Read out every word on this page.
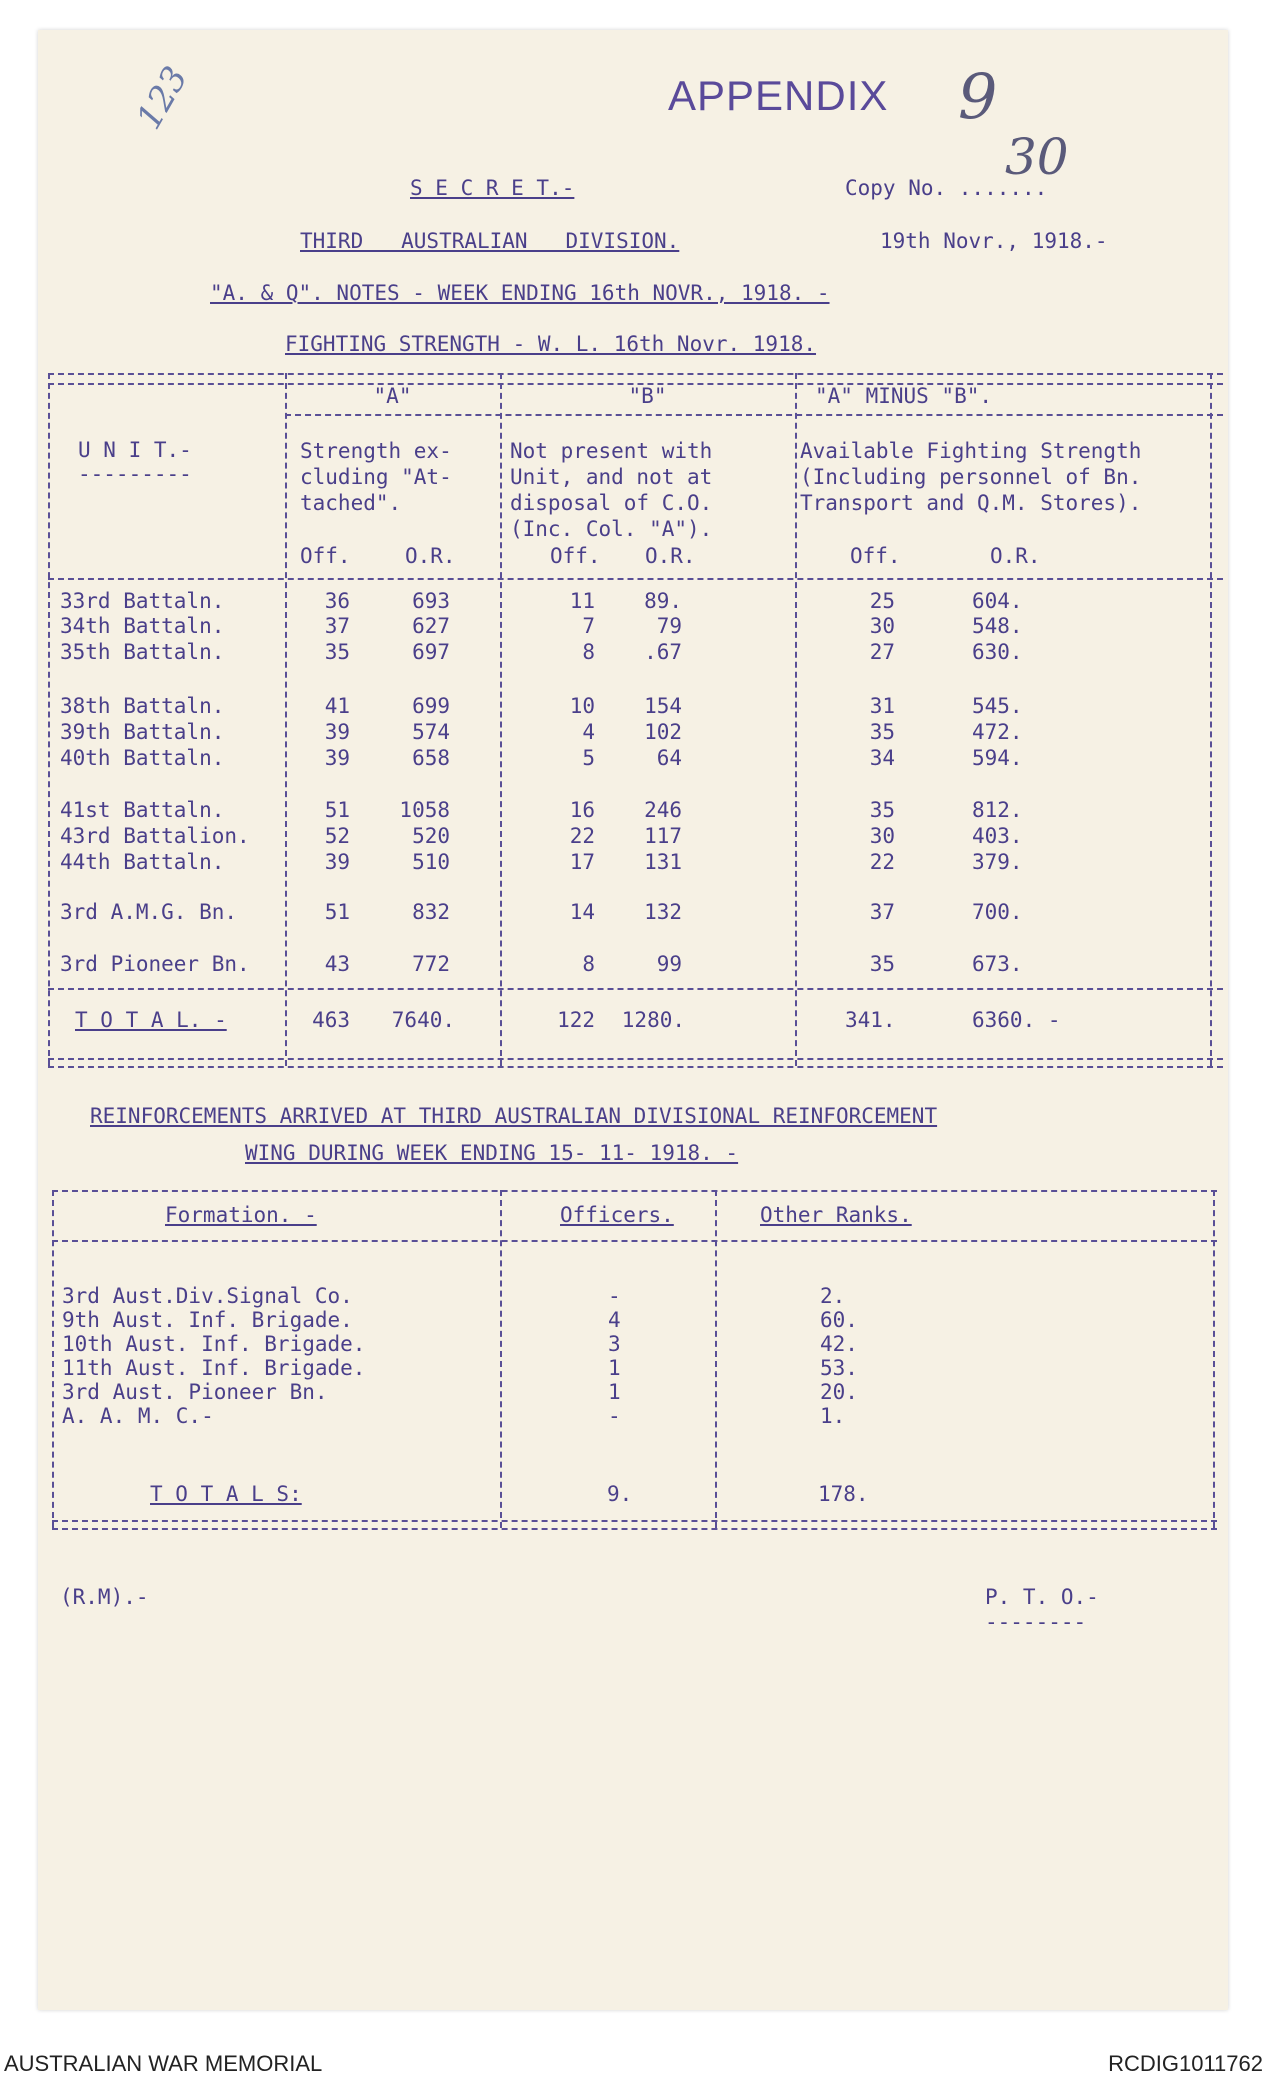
APPENDIX
123	9
30
S E C R E T.-	Copy No. .......
THIRD   AUSTRALIAN   DIVISION.	19th Novr., 1918.-
"A. & Q". NOTES - WEEK ENDING 16th NOVR., 1918. -
FIGHTING STRENGTH - W. L. 16th Novr. 1918.
"A"	"B"	"A" MINUS "B".
U N I T.-
---------
Strength ex-
cluding "At-
tached".
Not present with
Unit, and not at
disposal of C.O.
(Inc. Col. "A").
Available Fighting Strength
(Including personnel of Bn.
Transport and Q.M. Stores).
Off.	O.R.	Off. O.R.	Off.	O.R.
33rd Battaln.	36	693	11	89.	25	604.
34th Battaln.	37	627	7	79	30	548.
35th Battaln.	35	697	8	.67	27	630.
38th Battaln.	41	699	10	154	31	545.
39th Battaln.	39	574	4	102	35	472.
40th Battaln.	39	658	5	64	34	594.
41st Battaln.	51	1058	16	246	35	812.
43rd Battalion.	52	520	22	117	30	403.
44th Battaln.	39	510	17	131	22	379.
3rd A.M.G. Bn.	51	832	14	132	37	700.
3rd Pioneer Bn.	43	772	8	99	35	673.
T O T A L. -	463	7640.	122	1280.	341.	6360. -
REINFORCEMENTS ARRIVED AT THIRD AUSTRALIAN DIVISIONAL REINFORCEMENT
WING DURING WEEK ENDING 15- 11- 1918. -
Formation. -	Officers.	Other Ranks.
3rd Aust.Div.Signal Co.	-	2.
9th Aust. Inf. Brigade.	4	60.
10th Aust. Inf. Brigade.	3	42.
11th Aust. Inf. Brigade.	1	53.
3rd Aust. Pioneer Bn.	1	20.
A. A. M. C.-	-	1.
T O T A L S:	9.	178.
(R.M).-	P. T. O.-
--------
AUSTRALIAN WAR MEMORIAL	RCDIG1011762
